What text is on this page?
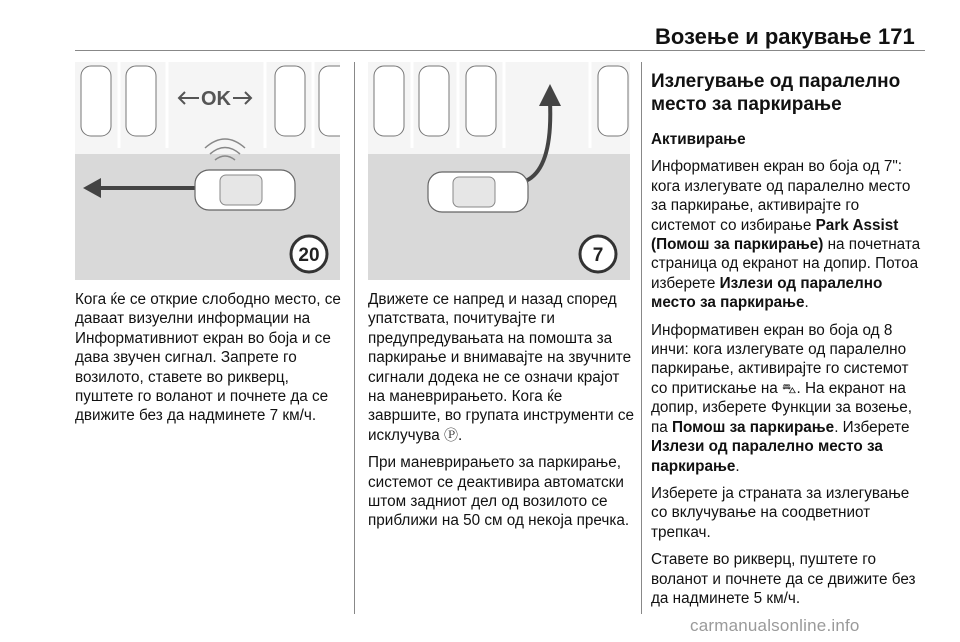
Возење и ракување 171
OK
20	7

Кога ќе се открие слободно место, се даваат визуелни информации на Информативниот екран во боја и се дава звучен сигнал. Запрете го возилото, ставете во рикверц, пуштете го воланот и почнете да се движите без да надминете 7 км/ч.

Движете се напред и назад според упатствата, почитувајте ги предупредувањата на помошта за паркирање и внимавајте на звучните сигнали додека не се означи крајот на маневрирањето. Кога ќе завршите, во групата инструменти се исклучува Ⓟ.

При маневрирањето за паркирање, системот се деактивира автоматски штом задниот дел од возилото се приближи на 50 см од некоја пречка.

Излегување од паралелно место за паркирање

Активирање

Информативен екран во боја од 7": кога излегувате од паралелно место за паркирање, активирајте го системот со избирање Park Assist (Помош за паркирање) на почетната страница од екранот на допир. Потоа изберете Излези од паралелно место за паркирање.

Информативен екран во боја од 8 инчи: кога излегувате од паралелно паркирање, активирајте го системот со притискање на ⛍. На екранот на допир, изберете Функции за возење, па Помош за паркирање. Изберете Излези од паралелно место за паркирање.

Изберете ја страната за излегување со вклучување на соодветниот трепкач.

Ставете во рикверц, пуштете го воланот и почнете да се движите без да надминете 5 км/ч.

carmanualsonline.info
